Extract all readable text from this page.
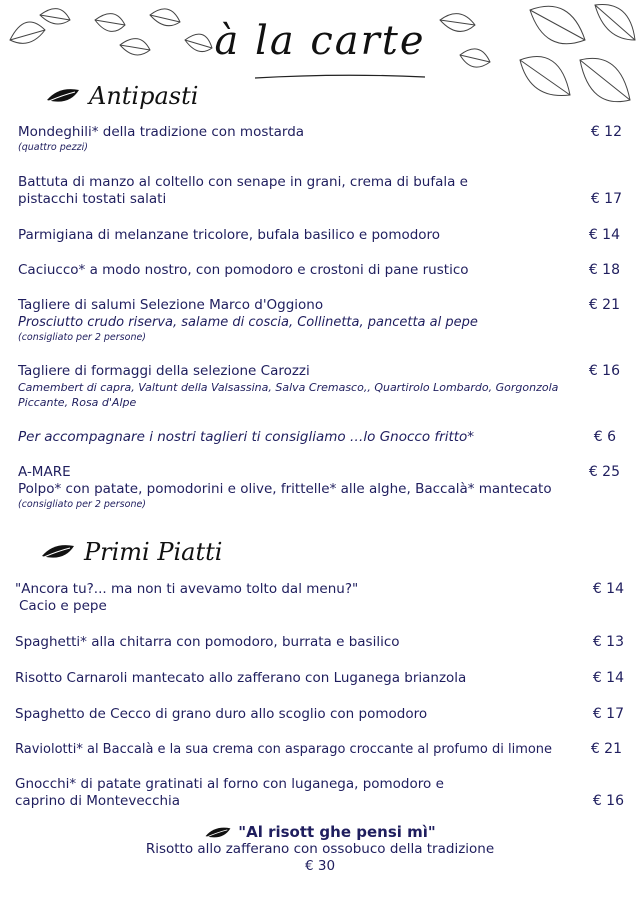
à la carte
Antipasti
Mondeghili* della tradizione con mostarda
(quattro pezzi)
€ 12
Battuta di manzo al coltello con senape in grani, crema di bufala e
pistacchi tostati salati	€ 17
Parmigiana di melanzane tricolore, bufala basilico e pomodoro	€ 14
Caciucco* a modo nostro, con pomodoro e crostoni di pane rustico	€ 18
Tagliere di salumi Selezione Marco d'Oggiono
Prosciutto crudo riserva, salame di coscia, Collinetta, pancetta al pepe
(consigliato per 2 persone)
€ 21
Tagliere di formaggi della selezione Carozzi
Camembert di capra, Valtunt della Valsassina, Salva Cremasco,, Quartirolo Lombardo, Gorgonzola
Piccante, Rosa d'Alpe
€ 16
Per accompagnare i nostri taglieri ti consigliamo …lo Gnocco fritto*	€ 6
A-MARE
Polpo* con patate, pomodorini e olive, frittelle* alle alghe, Baccalà* mantecato
(consigliato per 2 persone)
€ 25
Primi Piatti
"Ancora tu?... ma non ti avevamo tolto dal menu?"
Cacio e pepe
€ 14
Spaghetti* alla chitarra con pomodoro, burrata e basilico	€ 13
Risotto Carnaroli mantecato allo zafferano con Luganega brianzola	€ 14
Spaghetto de Cecco di grano duro allo scoglio con pomodoro	€ 17
Raviolotti* al Baccalà e la sua crema con asparago croccante al profumo di limone	€ 21
Gnocchi* di patate gratinati al forno con luganega, pomodoro e
caprino di Montevecchia	€ 16
"Al risott ghe pensi mì"
Risotto allo zafferano con ossobuco della tradizione
€ 30
